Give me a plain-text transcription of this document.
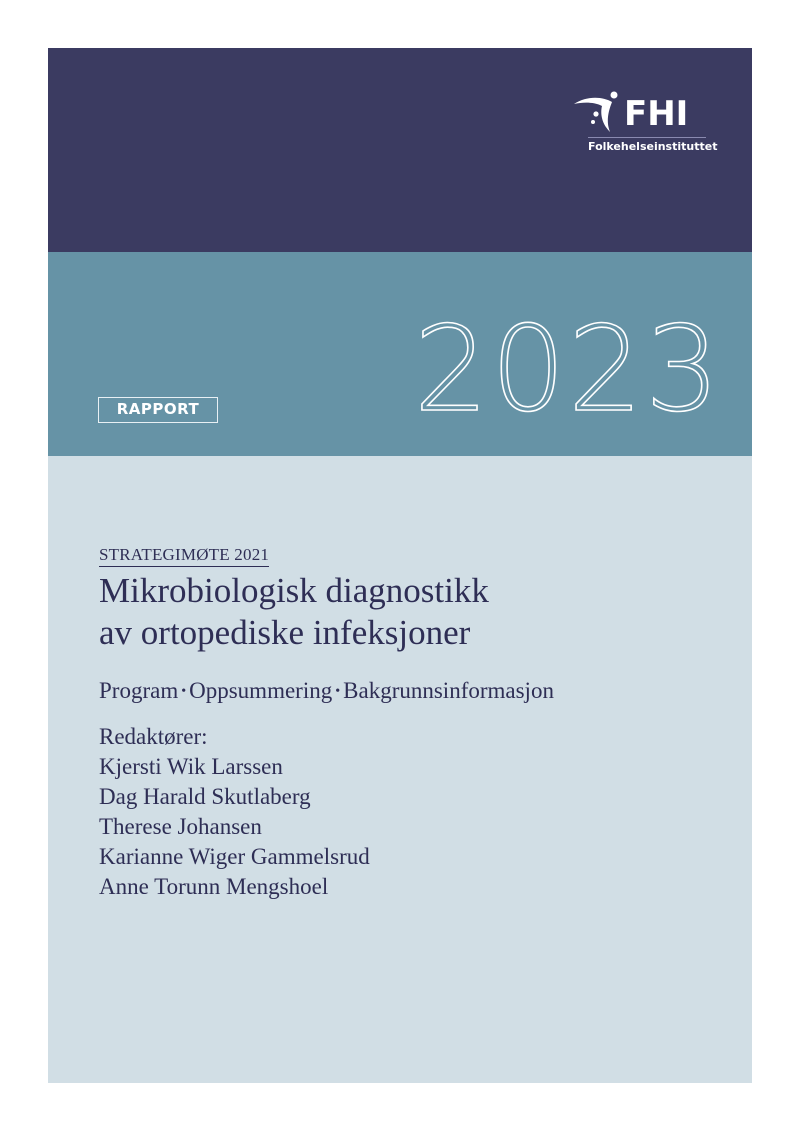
FHI
Folkehelseinstituttet
2023
RAPPORT
STRATEGIMØTE 2021
Mikrobiologisk diagnostikk
av ortopediske infeksjoner
Program • Oppsummering • Bakgrunnsinformasjon
Redaktører:
Kjersti Wik Larssen
Dag Harald Skutlaberg
Therese Johansen
Karianne Wiger Gammelsrud
Anne Torunn Mengshoel
